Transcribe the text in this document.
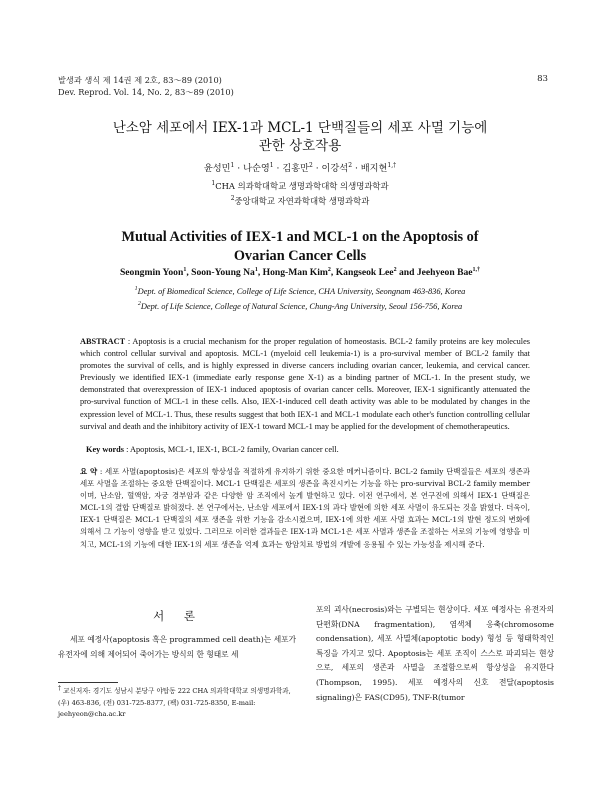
발생과 생식 제 14권 제 2호, 83～89 (2010)
Dev. Reprod. Vol. 14, No. 2, 83～89 (2010)
83
난소암 세포에서 IEX-1과 MCL-1 단백질들의 세포 사멸 기능에
관한 상호작용
윤성민$^1$ · 나순영$^1$ · 김홍만$^2$ · 이강석$^2$ · 배지현$^{1,\dagger}$
$^1$CHA 의과학대학교 생명과학대학 의생명과학과
$^2$중앙대학교 자연과학대학 생명과학과
Mutual Activities of IEX-1 and MCL-1 on the Apoptosis of
Ovarian Cancer Cells
Seongmin Yoon$^1$, Soon-Young Na$^1$, Hong-Man Kim$^2$, Kangseok Lee$^2$ and Jeehyeon Bae$^{1,\dagger}$
$^1$Dept. of Biomedical Science, College of Life Science, CHA University, Seongnam 463-836, Korea
$^2$Dept. of Life Science, College of Natural Science, Chung-Ang University, Seoul 156-756, Korea
ABSTRACT : Apoptosis is a crucial mechanism for the proper regulation of homeostasis. BCL-2 family proteins are key molecules which control cellular survival and apoptosis. MCL-1 (myeloid cell leukemia-1) is a pro-survival member of BCL-2 family that promotes the survival of cells, and is highly expressed in diverse cancers including ovarian cancer, leukemia, and cervical cancer. Previously we identified IEX-1 (immediate early response gene X-1) as a binding partner of MCL-1. In the present study, we demonstrated that overexpression of IEX-1 induced apoptosis of ovarian cancer cells. Moreover, IEX-1 significantly attenuated the pro-survival function of MCL-1 in these cells. Also, IEX-1-induced cell death activity was able to be modulated by changes in the expression level of MCL-1. Thus, these results suggest that both IEX-1 and MCL-1 modulate each other's function controlling cellular survival and death and the inhibitory activity of IEX-1 toward MCL-1 may be applied for the development of chemotherapeutics.
Key words : Apoptosis, MCL-1, IEX-1, BCL-2 family, Ovarian cancer cell.
요 약 : 세포 사멸(apoptosis)은 세포의 항상성을 적절하게 유지하기 위한 중요한 메커니즘이다. BCL-2 family 단백질들은 세포의 생존과 세포 사멸을 조절하는 중요한 단백질이다. MCL-1 단백질은 세포의 생존을 촉진시키는 기능을 하는 pro-survival BCL-2 family member이며, 난소암, 혈액암, 자궁 경부암과 같은 다양한 암 조직에서 높게 발현하고 있다. 이전 연구에서, 본 연구진에 의해서 IEX-1 단백질은 MCL-1의 결합 단백질로 밝혀졌다. 본 연구에서는, 난소암 세포에서 IEX-1의 과다 발현에 의한 세포 사멸이 유도되는 것을 밝혔다. 더욱이, IEX-1 단백질은 MCL-1 단백질의 세포 생존을 위한 기능을 감소시켰으며, IEX-1에 의한 세포 사멸 효과는 MCL-1의 발현 정도의 변화에 의해서 그 기능이 영향을 받고 있었다. 그러므로 이러한 결과들은 IEX-1과 MCL-1은 세포 사멸과 생존을 조절하는 서로의 기능에 영향을 미치고, MCL-1의 기능에 대한 IEX-1의 세포 생존을 억제 효과는 항암치료 방법의 개발에 응용될 수 있는 가능성을 제시해 준다.
서 론
세포 예정사(apoptosis 혹은 programmed cell death)는 세포가 유전자에 의해 제어되어 죽어가는 방식의 한 형태로 세
† 교신저자: 경기도 성남시 분당구 야탑동 222 CHA 의과학대학교 의생명과학과, (우) 463-836, (전) 031-725-8377, (팩) 031-725-8350, E-mail: jeehyeon@cha.ac.kr
포의 괴사(necrosis)와는 구별되는 현상이다. 세포 예정사는 유전자의 단편화(DNA fragmentation), 염색체 응축(chromosome condensation), 세포 사멸체(apoptotic body) 형성 등 형태학적인 특징을 가지고 있다. Apoptosis는 세포 조직이 스스로 파괴되는 현상으로, 세포의 생존과 사멸을 조절함으로써 항상성을 유지한다(Thompson, 1995). 세포 예정사의 신호 전달(apoptosis signaling)은 FAS(CD95), TNF-R(tumor
